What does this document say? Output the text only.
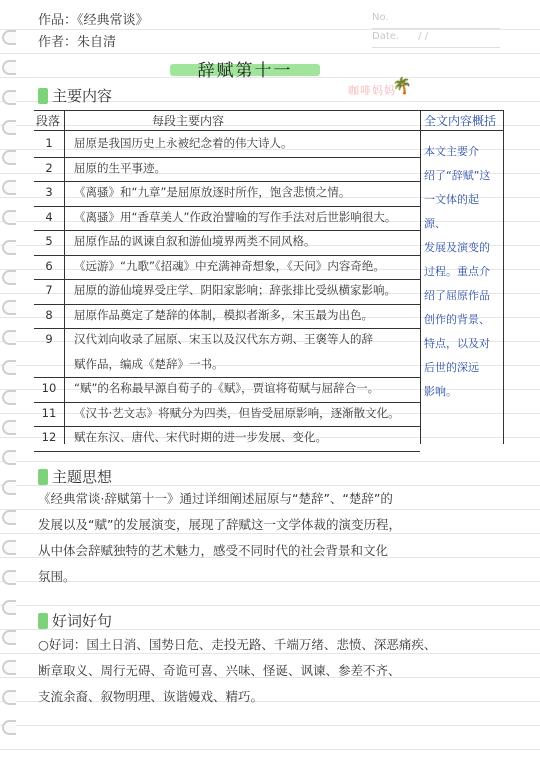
作品：《经典常谈》
作者：朱自清
No.
Date. / /
辞赋第十一
咖啡妈妈
🌴
主要内容
段落	每段主要内容	全文内容概括
1	屈原是我国历史上永被纪念着的伟大诗人。
2	屈原的生平事迹。
3	《离骚》和“九章”是屈原放逐时所作，饱含悲愤之情。
4	《离骚》用“香草美人”作政治譬喻的写作手法对后世影响很大。
5	屈原作品的讽谏自叙和游仙境界两类不同风格。
6	《远游》“九歌”《招魂》中充满神奇想象，《天问》内容奇绝。
7	屈原的游仙境界受庄学、阴阳家影响；辞张排比受纵横家影响。
8	屈原作品奠定了楚辞的体制，模拟者渐多，宋玉最为出色。
9	汉代刘向收录了屈原、宋玉以及汉代东方朔、王褒等人的辞
赋作品，编成《楚辞》一书。
10	“赋”的名称最早源自荀子的《赋》，贾谊将荀赋与屈辞合一。
11	《汉书·艺文志》将赋分为四类，但皆受屈原影响，逐渐散文化。
12	赋在东汉、唐代、宋代时期的进一步发展、变化。
本文主要介
绍了“辞赋”这
一文体的起源、
发展及演变的
过程。重点介
绍了屈原作品
创作的背景、
特点，以及对
后世的深远
影响。
主题思想
《经典常谈·辞赋第十一》通过详细阐述屈原与“楚辞”、“楚辞”的
发展以及“赋”的发展演变，展现了辞赋这一文学体裁的演变历程，
从中体会辞赋独特的艺术魅力，感受不同时代的社会背景和文化
氛围。
好词好句
○好词：国土日消、国势日危、走投无路、千端万绪、悲愤、深恶痛疾、
断章取义、周行无碍、奇诡可喜、兴味、怪诞、讽谏、参差不齐、
支流余裔、叙物明理、诙谐嫚戏、精巧。
